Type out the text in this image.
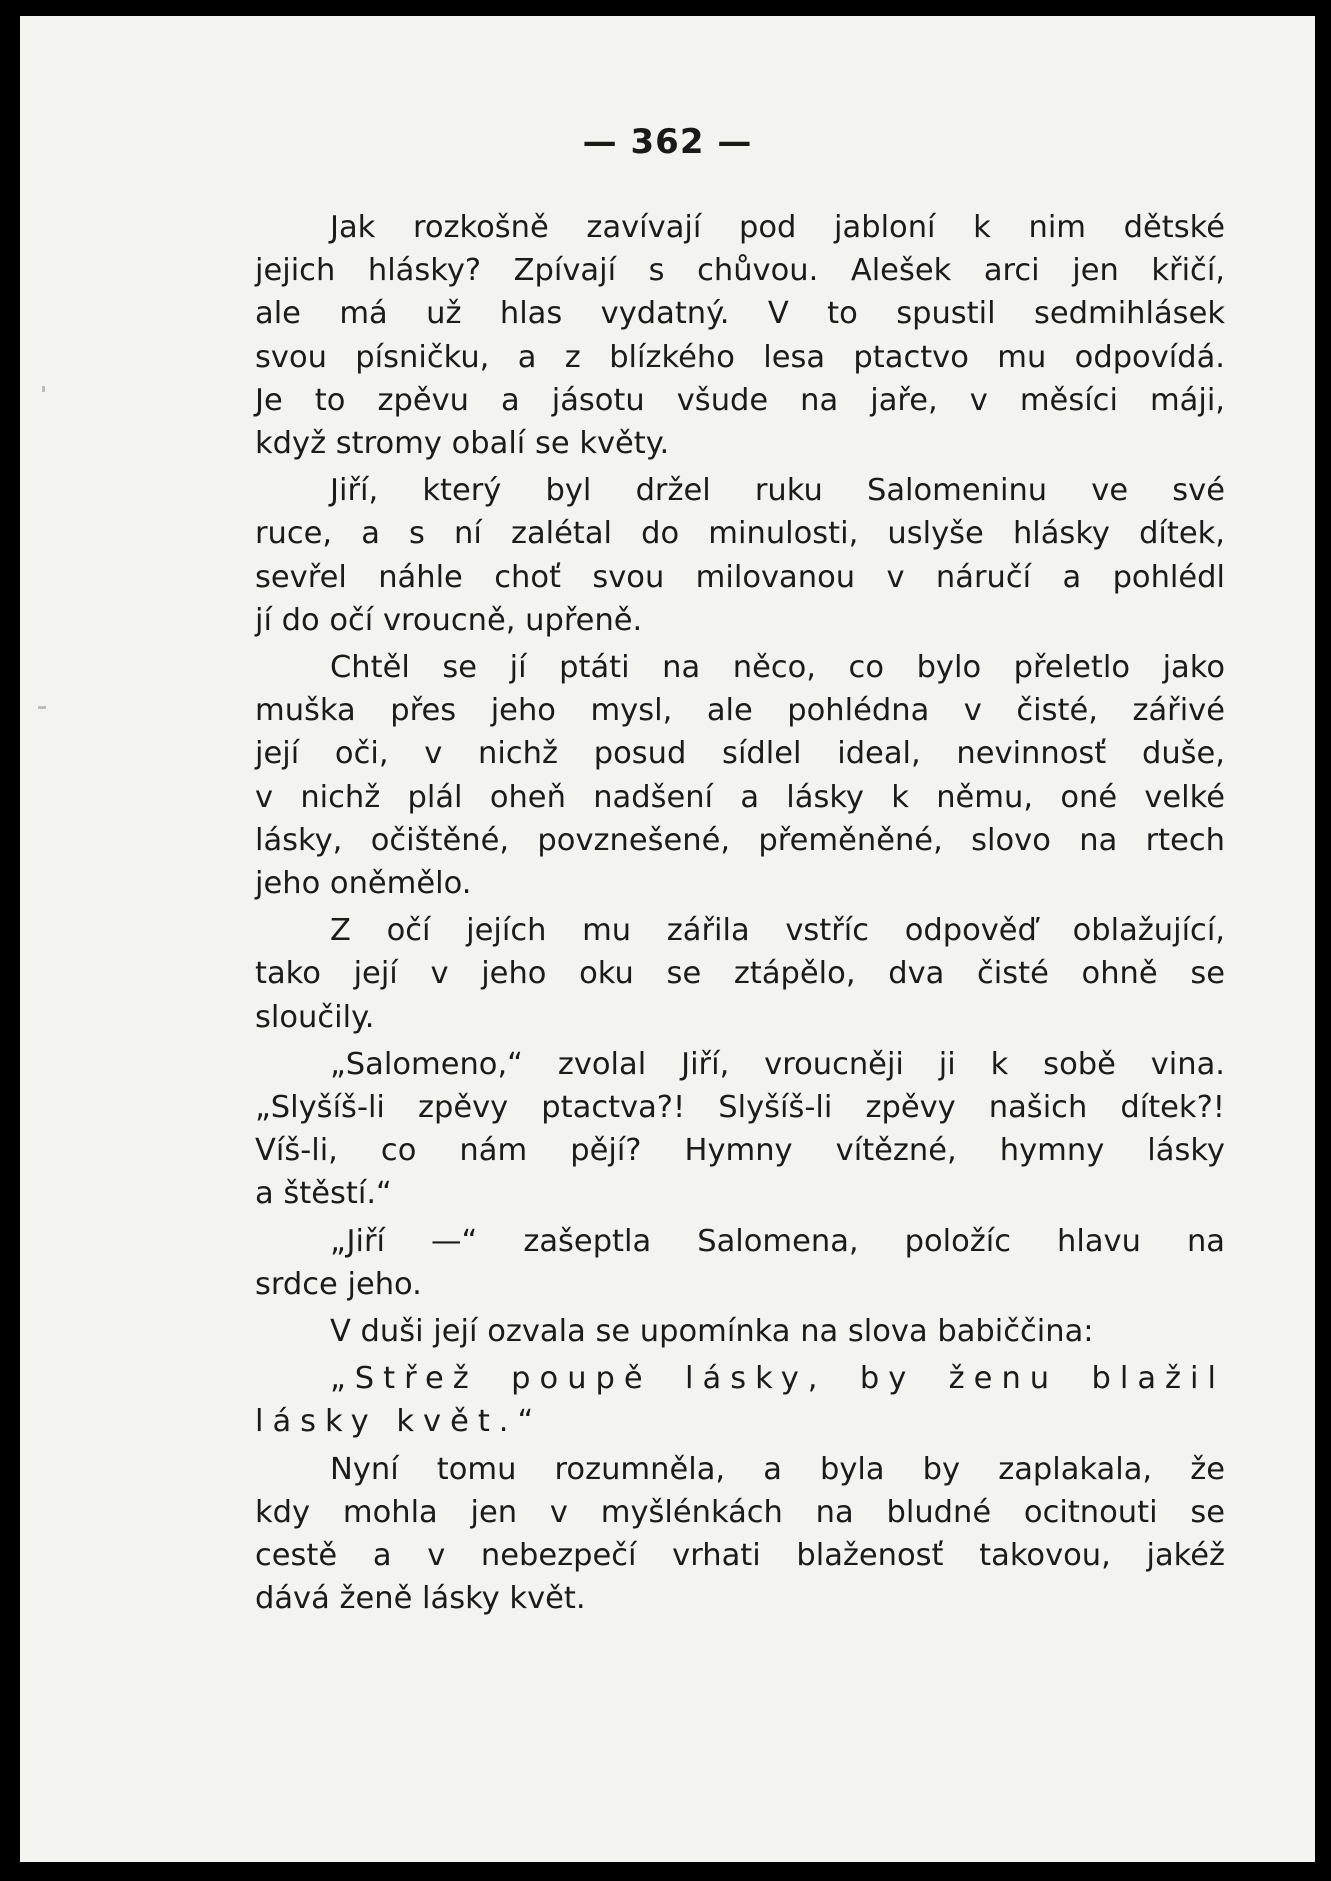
— 362 —
Jak rozkošně zavívají pod jabloní k nim dětské
jejich hlásky? Zpívají s chůvou. Alešek arci jen křičí,
ale má už hlas vydatný. V to spustil sedmihlásek
svou písničku, a z blízkého lesa ptactvo mu odpovídá.
Je to zpěvu a jásotu všude na jaře, v měsíci máji,
když stromy obalí se květy.
Jiří, který byl držel ruku Salomeninu ve své
ruce, a s ní zalétal do minulosti, uslyše hlásky dítek,
sevřel náhle choť svou milovanou v náručí a pohlédl
jí do očí vroucně, upřeně.
Chtěl se jí ptáti na něco, co bylo přeletlo jako
muška přes jeho mysl, ale pohlédna v čisté, zářivé
její oči, v nichž posud sídlel ideal, nevinnosť duše,
v nichž plál oheň nadšení a lásky k němu, oné velké
lásky, očištěné, povznešené, přeměněné, slovo na rtech
jeho oněmělo.
Z očí jejích mu zářila vstříc odpověď oblažující,
tako její v jeho oku se ztápělo, dva čisté ohně se
sloučily.
„Salomeno,“ zvolal Jiří, vroucněji ji k sobě vina.
„Slyšíš-li zpěvy ptactva?! Slyšíš-li zpěvy našich dítek?!
Víš-li, co nám pějí? Hymny vítězné, hymny lásky
a štěstí.“
„Jiří —“ zašeptla Salomena, položíc hlavu na
srdce jeho.
V duši její ozvala se upomínka na slova babiččina:
„Střež poupě lásky, by ženu blažil
lásky květ.“
Nyní tomu rozumněla, a byla by zaplakala, že
kdy mohla jen v myšlénkách na bludné ocitnouti se
cestě a v nebezpečí vrhati blaženosť takovou, jakéž
dává ženě lásky květ.
